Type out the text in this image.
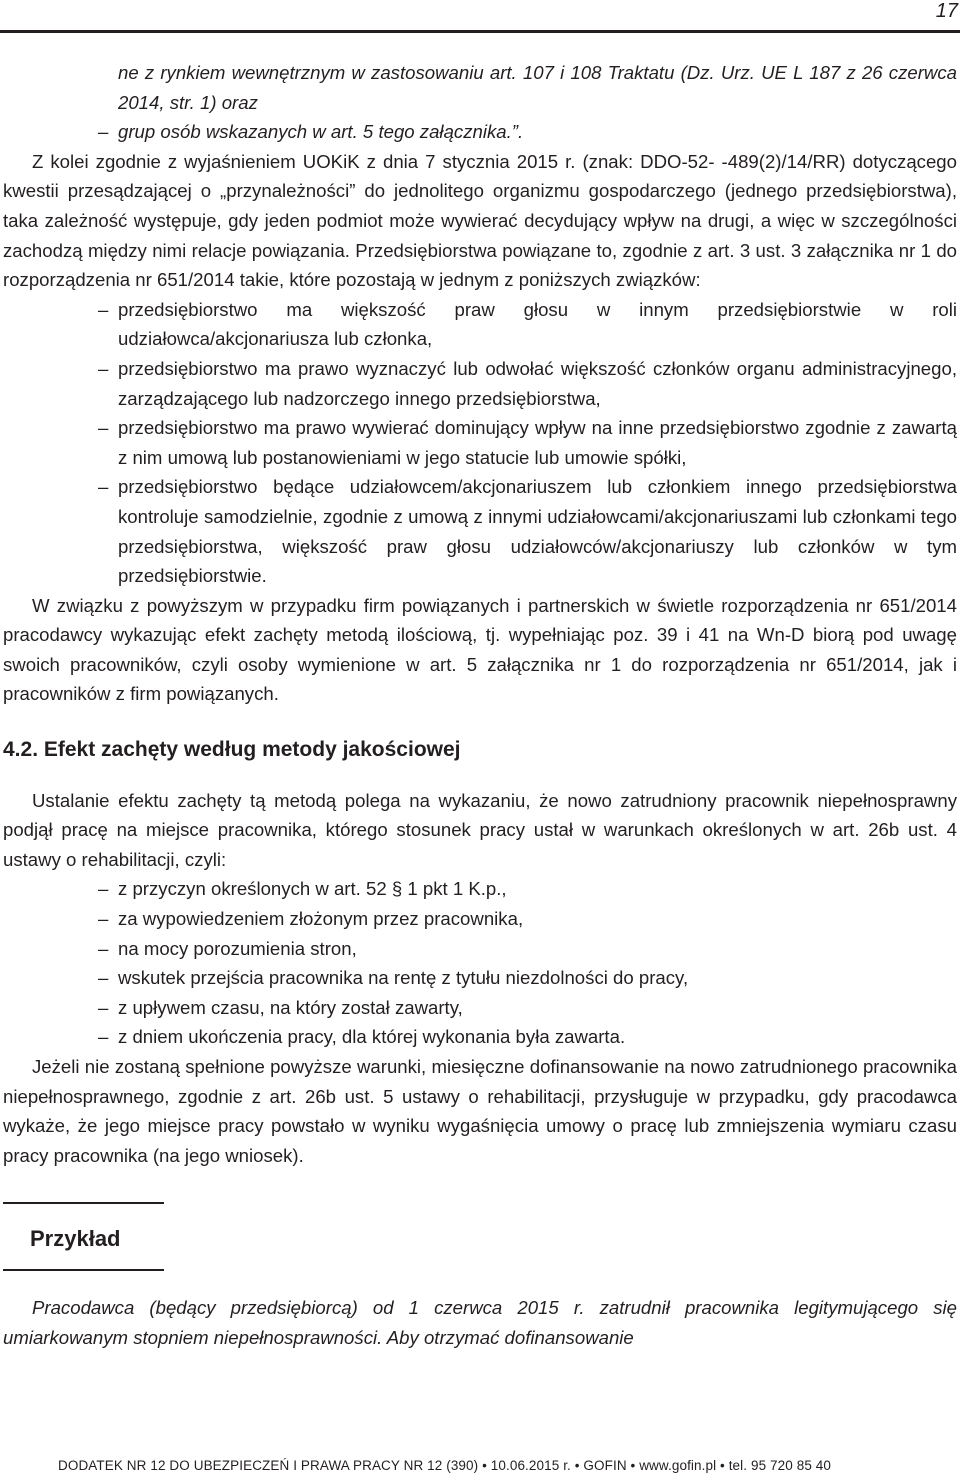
17

ne z rynkiem wewnętrznym w zastosowaniu art. 107 i 108 Traktatu (Dz. Urz. UE L 187 z 26 czerwca 2014, str. 1) oraz

– grup osób wskazanych w art. 5 tego załącznika.”.

Z kolei zgodnie z wyjaśnieniem UOKiK z dnia 7 stycznia 2015 r. (znak: DDO-52- -489(2)/14/RR) dotyczącego kwestii przesądzającej o „przynależności” do jednolitego organizmu gospodarczego (jednego przedsiębiorstwa), taka zależność występuje, gdy jeden podmiot może wywierać decydujący wpływ na drugi, a więc w szczególności zachodzą między nimi relacje powiązania. Przedsiębiorstwa powiązane to, zgodnie z art. 3 ust. 3 załącznika nr 1 do rozporządzenia nr 651/2014 takie, które pozostają w jednym z poniższych związków:

– przedsiębiorstwo ma większość praw głosu w innym przedsiębiorstwie w roli udziałowca/akcjonariusza lub członka,
– przedsiębiorstwo ma prawo wyznaczyć lub odwołać większość członków organu administracyjnego, zarządzającego lub nadzorczego innego przedsiębiorstwa,
– przedsiębiorstwo ma prawo wywierać dominujący wpływ na inne przedsiębiorstwo zgodnie z zawartą z nim umową lub postanowieniami w jego statucie lub umowie spółki,
– przedsiębiorstwo będące udziałowcem/akcjonariuszem lub członkiem innego przedsiębiorstwa kontroluje samodzielnie, zgodnie z umową z innymi udziałowcami/akcjonariuszami lub członkami tego przedsiębiorstwa, większość praw głosu udziałowców/akcjonariuszy lub członków w tym przedsiębiorstwie.

W związku z powyższym w przypadku firm powiązanych i partnerskich w świetle rozporządzenia nr 651/2014 pracodawcy wykazując efekt zachęty metodą ilościową, tj. wypełniając poz. 39 i 41 na Wn-D biorą pod uwagę swoich pracowników, czyli osoby wymienione w art. 5 załącznika nr 1 do rozporządzenia nr 651/2014, jak i pracowników z firm powiązanych.

4.2. Efekt zachęty według metody jakościowej

Ustalanie efektu zachęty tą metodą polega na wykazaniu, że nowo zatrudniony pracownik niepełnosprawny podjął pracę na miejsce pracownika, którego stosunek pracy ustał w warunkach określonych w art. 26b ust. 4 ustawy o rehabilitacji, czyli:

– z przyczyn określonych w art. 52 § 1 pkt 1 K.p.,
– za wypowiedzeniem złożonym przez pracownika,
– na mocy porozumienia stron,
– wskutek przejścia pracownika na rentę z tytułu niezdolności do pracy,
– z upływem czasu, na który został zawarty,
– z dniem ukończenia pracy, dla której wykonania była zawarta.

Jeżeli nie zostaną spełnione powyższe warunki, miesięczne dofinansowanie na nowo zatrudnionego pracownika niepełnosprawnego, zgodnie z art. 26b ust. 5 ustawy o rehabilitacji, przysługuje w przypadku, gdy pracodawca wykaże, że jego miejsce pracy powstało w wyniku wygaśnięcia umowy o pracę lub zmniejszenia wymiaru czasu pracy pracownika (na jego wniosek).

Przykład

Pracodawca (będący przedsiębiorcą) od 1 czerwca 2015 r. zatrudnił pracownika legitymującego się umiarkowanym stopniem niepełnosprawności. Aby otrzymać dofinansowanie

DODATEK NR 12 DO UBEZPIECZEŃ I PRAWA PRACY NR 12 (390) • 10.06.2015 r. • GOFIN • www.gofin.pl • tel. 95 720 85 40
